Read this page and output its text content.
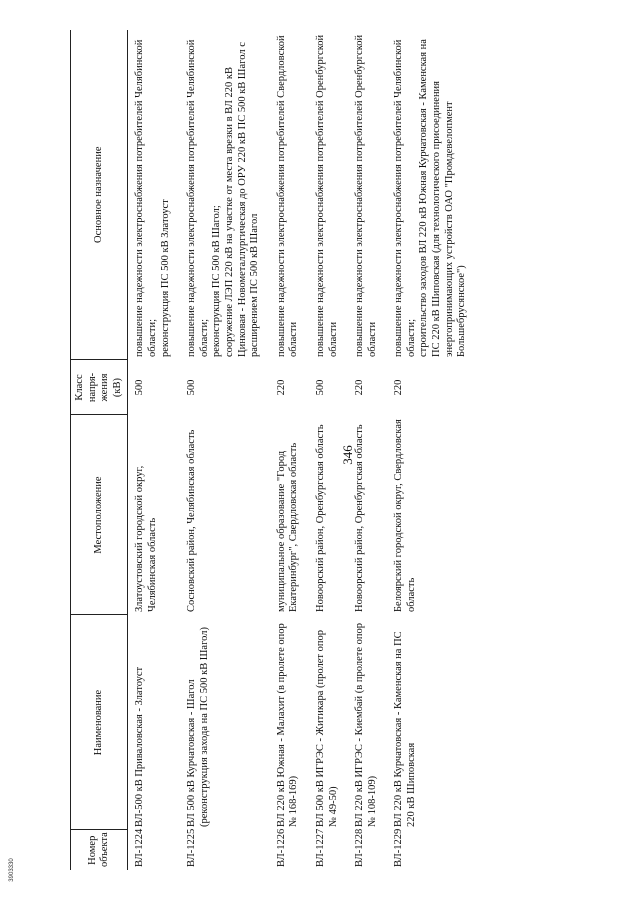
346
3903330
Номер объекта	Наименование	Местоположение	Класс напря-жения (кВ)	Основное назначение
ВЛ-1224	ВЛ-500 кВ Приваловская - Златоуст	Златоустовский городской округ, Челябинская область	500	повышение надежности электроснабжения потребителей Челябинской области; реконструкция ПС 500 кВ Златоуст

ВЛ-1225	ВЛ 500 кВ Курчатовская - Шагол (реконструкция захода на ПС 500 кВ Шагол)	Сосновский район, Челябинская область	500	повышение надежности электроснабжения потребителей Челябинской области; реконструкция ПС 500 кВ Шагол; сооружение ЛЭП 220 кВ на участке от места врезки в ВЛ 220 кВ Цинковая - Новометаллургическая до ОРУ 220 кВ ПС 500 кВ Шагол с расширением ПС 500 кВ Шагол

ВЛ-1226	ВЛ 220 кВ Южная - Малахит (в пролете опор № 168-169)	муниципальное образование "Город Екатеринбург", Свердловская область	220	повышение надежности электроснабжения потребителей Свердловской области

ВЛ-1227	ВЛ 500 кВ ИГРЭС - Житикара (пролет опор № 49-50)	Новоорский район, Оренбургская область	500	повышение надежности электроснабжения потребителей Оренбургской области

ВЛ-1228	ВЛ 220 кВ ИГРЭС - Киембай (в пролете опор № 108-109)	Новоорский район, Оренбургская область	220	повышение надежности электроснабжения потребителей Оренбургской области

ВЛ-1229	ВЛ 220 кВ Курчатовская - Каменская на ПС 220 кВ Шиповская	Белоярский городской округ, Свердловская область	220	повышение надежности электроснабжения потребителей Челябинской области; строительство заходов ВЛ 220 кВ Южная Курчатовская - Каменская на ПС 220 кВ Шиповская (для технологического присоединения энергопринимающих устройств ОАО "Промдевелопмент Большебрусянское")
